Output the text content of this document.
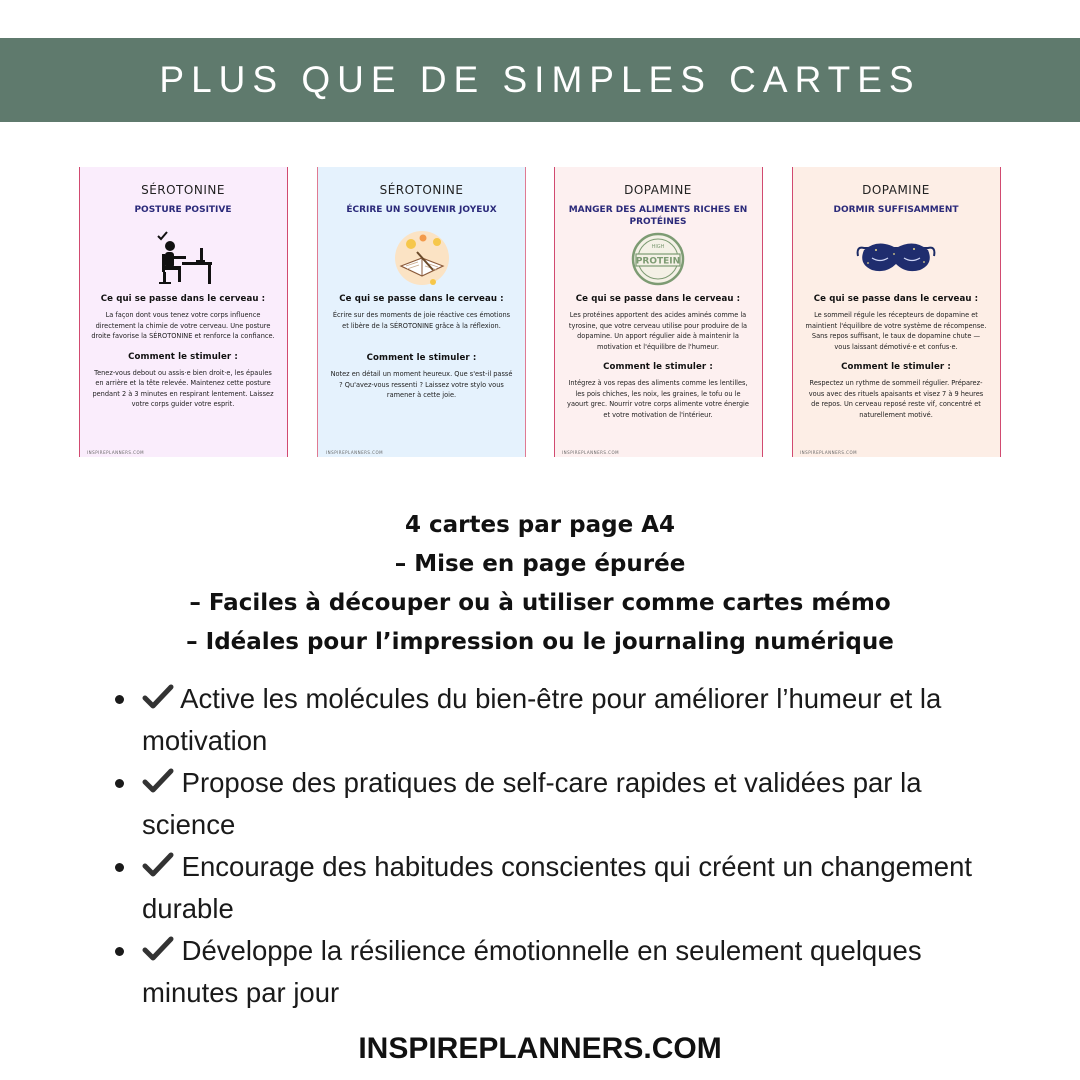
PLUS QUE DE SIMPLES CARTES
SÉROTONINE
POSTURE POSITIVE
Ce qui se passe dans le cerveau :
La façon dont vous tenez votre corps influence directement la chimie de votre cerveau. Une posture droite favorise la SÉROTONINE et renforce la confiance.
Comment le stimuler :
Tenez-vous debout ou assis·e bien droit·e, les épaules en arrière et la tête relevée. Maintenez cette posture pendant 2 à 3 minutes en respirant lentement. Laissez votre corps guider votre esprit.
INSPIREPLANNERS.COM
SÉROTONINE
ÉCRIRE UN SOUVENIR JOYEUX
Ce qui se passe dans le cerveau :
Écrire sur des moments de joie réactive ces émotions et libère de la SÉROTONINE grâce à la réflexion.
Comment le stimuler :
Notez en détail un moment heureux. Que s'est-il passé ? Qu'avez-vous ressenti ? Laissez votre stylo vous ramener à cette joie.
INSPIREPLANNERS.COM
DOPAMINE
MANGER DES ALIMENTS RICHES EN PROTÉINES
HIGH
PROTEIN
Ce qui se passe dans le cerveau :
Les protéines apportent des acides aminés comme la tyrosine, que votre cerveau utilise pour produire de la dopamine. Un apport régulier aide à maintenir la motivation et l'équilibre de l'humeur.
Comment le stimuler :
Intégrez à vos repas des aliments comme les lentilles, les pois chiches, les noix, les graines, le tofu ou le yaourt grec. Nourrir votre corps alimente votre énergie et votre motivation de l'intérieur.
INSPIREPLANNERS.COM
DOPAMINE
DORMIR SUFFISAMMENT
Ce qui se passe dans le cerveau :
Le sommeil régule les récepteurs de dopamine et maintient l'équilibre de votre système de récompense. Sans repos suffisant, le taux de dopamine chute — vous laissant démotivé·e et confus·e.
Comment le stimuler :
Respectez un rythme de sommeil régulier. Préparez-vous avec des rituels apaisants et visez 7 à 9 heures de repos. Un cerveau reposé reste vif, concentré et naturellement motivé.
INSPIREPLANNERS.COM
4 cartes par page A4
– Mise en page épurée
– Faciles à découper ou à utiliser comme cartes mémo
– Idéales pour l’impression ou le journaling numérique
Active les molécules du bien-être pour améliorer l’humeur et la motivation
Propose des pratiques de self-care rapides et validées par la science
Encourage des habitudes conscientes qui créent un changement durable
Développe la résilience émotionnelle en seulement quelques minutes par jour
INSPIREPLANNERS.COM
